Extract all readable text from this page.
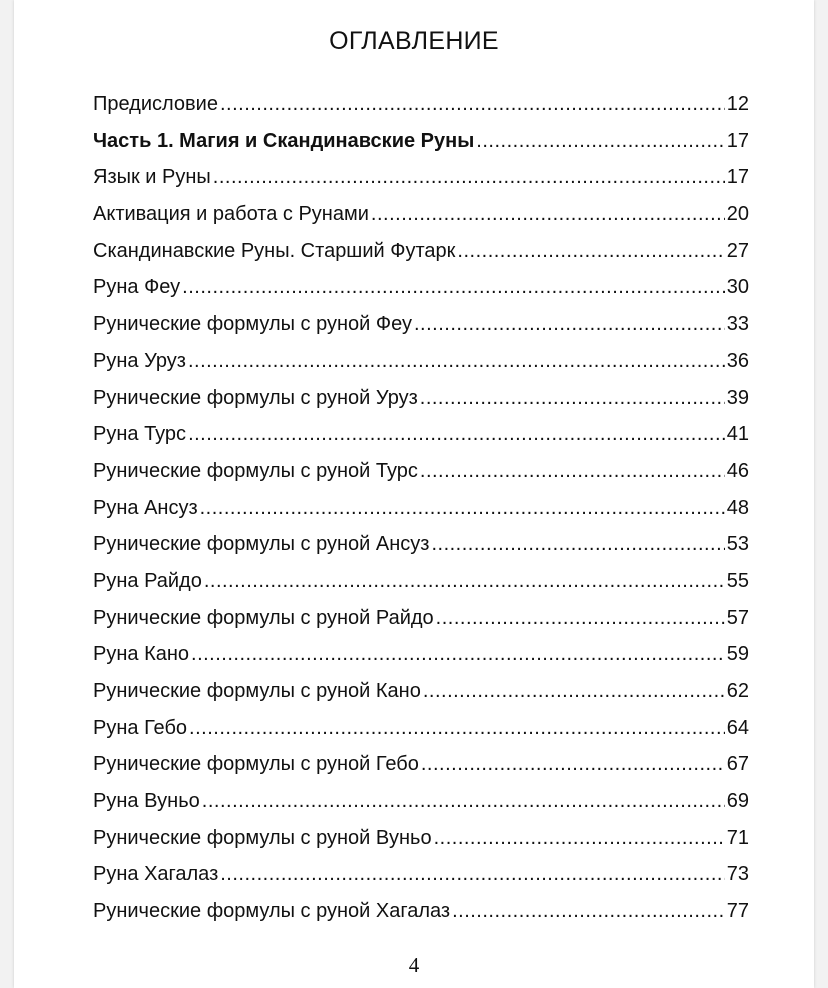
ОГЛАВЛЕНИЕ
Предисловие .....	12
Часть 1. Магия и Скандинавские Руны .....	17
Язык и Руны .....	17
Активация и работа с Рунами .....	20
Скандинавские Руны. Старший Футарк .....	27
Руна Феу .....	30
Рунические формулы с руной Феу .....	33
Руна Уруз .....	36
Рунические формулы с руной Уруз .....	39
Руна Турс .....	41
Рунические формулы с руной Турс .....	46
Руна Ансуз .....	48
Рунические формулы с руной Ансуз .....	53
Руна Райдо .....	55
Рунические формулы с руной Райдо .....	57
Руна Кано .....	59
Рунические формулы с руной Кано .....	62
Руна Гебо .....	64
Рунические формулы с руной Гебо .....	67
Руна Вуньо .....	69
Рунические формулы с руной Вуньо .....	71
Руна Хагалаз .....	73
Рунические формулы с руной Хагалаз .....	77
4
